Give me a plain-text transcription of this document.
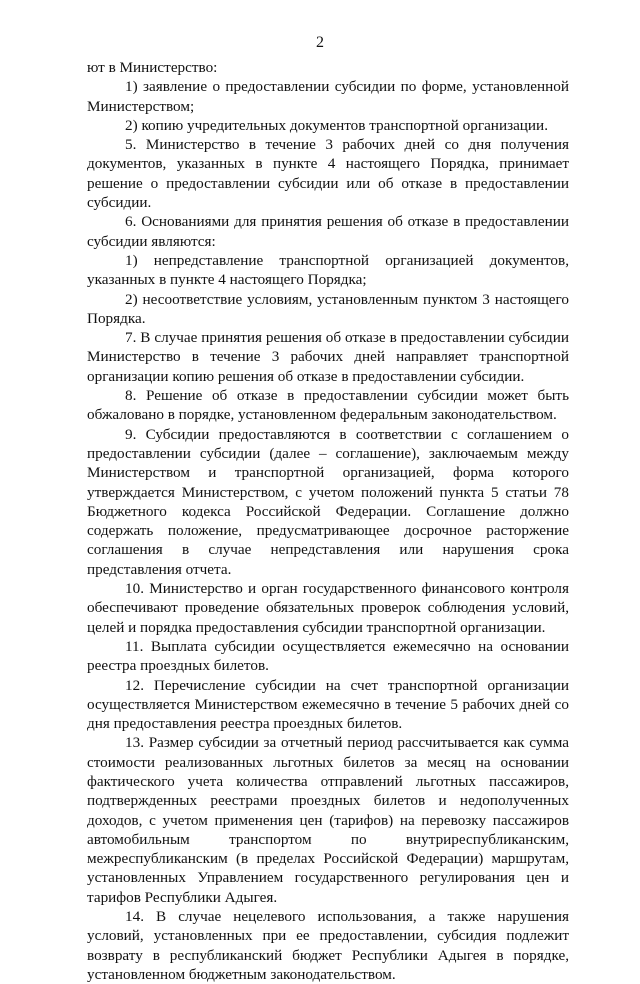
2

ют в Министерство:

1) заявление о предоставлении субсидии по форме, установленной Министерством;

2) копию учредительных документов транспортной организации.

5. Министерство в течение 3 рабочих дней со дня получения документов, указанных в пункте 4 настоящего Порядка, принимает решение о предоставлении субсидии или об отказе в предоставлении субсидии.

6. Основаниями для принятия решения об отказе в предоставлении субсидии являются:

1) непредставление транспортной организацией документов, указанных в пункте 4 настоящего Порядка;

2) несоответствие условиям, установленным пунктом 3 настоящего Порядка.

7. В случае принятия решения об отказе в предоставлении субсидии Министерство в течение 3 рабочих дней направляет транспортной организации копию решения об отказе в предоставлении субсидии.

8. Решение об отказе в предоставлении субсидии может быть обжаловано в порядке, установленном федеральным законодательством.

9. Субсидии предоставляются в соответствии с соглашением о предоставлении субсидии (далее – соглашение), заключаемым между Министерством и транспортной организацией, форма которого утверждается Министерством, с учетом положений пункта 5 статьи 78 Бюджетного кодекса Российской Федерации. Соглашение должно содержать положение, предусматривающее досрочное расторжение соглашения в случае непредставления или нарушения срока представления отчета.

10. Министерство и орган государственного финансового контроля обеспечивают проведение обязательных проверок соблюдения условий, целей и порядка предоставления субсидии транспортной организации.

11. Выплата субсидии осуществляется ежемесячно на основании реестра проездных билетов.

12. Перечисление субсидии на счет транспортной организации осуществляется Министерством ежемесячно в течение 5 рабочих дней со дня предоставления реестра проездных билетов.

13. Размер субсидии за отчетный период рассчитывается как сумма стоимости реализованных льготных билетов за месяц на основании фактического учета количества отправлений льготных пассажиров, подтвержденных реестрами проездных билетов и недополученных доходов, с учетом применения цен (тарифов) на перевозку пассажиров автомобильным транспортом по внутриреспубликанским, межреспубликанским (в пределах Российской Федерации) маршрутам, установленных Управлением государственного регулирования цен и тарифов Республики Адыгея.

14. В случае нецелевого использования, а также нарушения условий, установленных при ее предоставлении, субсидия подлежит возврату в республиканский бюджет Республики Адыгея в порядке, установленном бюджетным законодательством.
